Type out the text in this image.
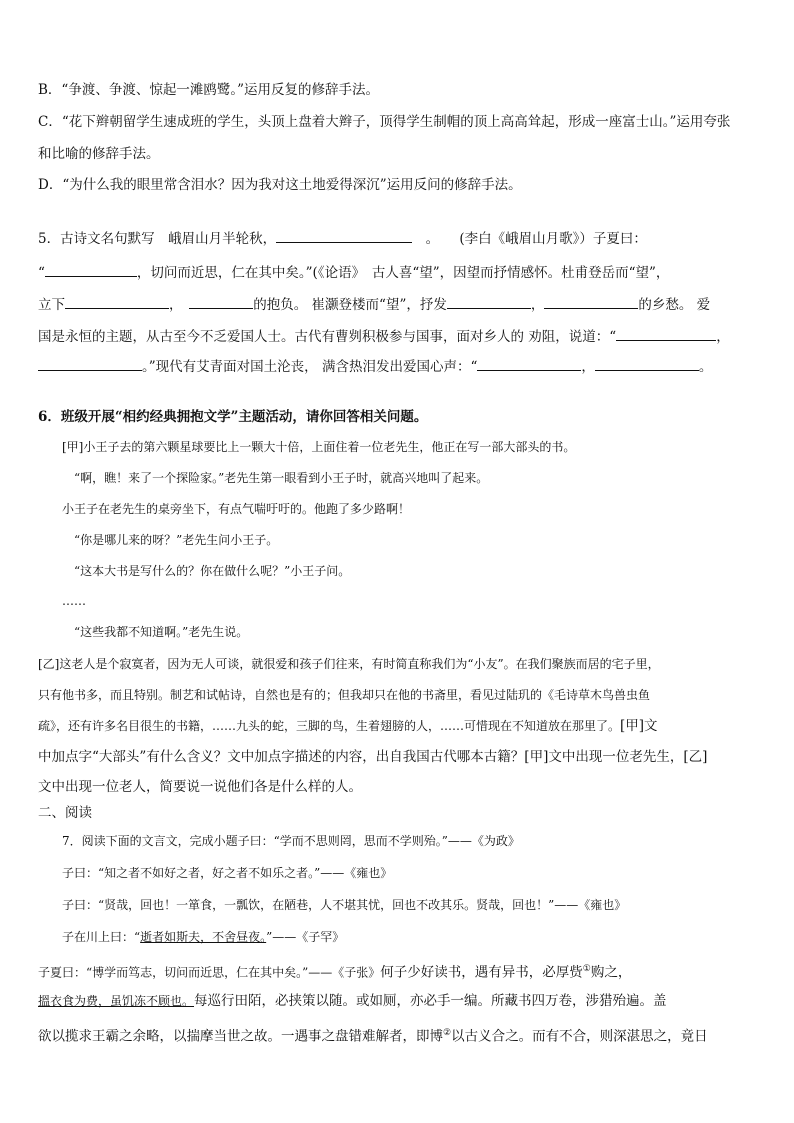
B．“争渡、争渡、惊起一滩鸥鹭。”运用反复的修辞手法。
C．“花下辫朝留学生速成班的学生，头顶上盘着大辫子，顶得学生制帽的顶上高高耸起，形成一座富士山。”运用夸张
和比喻的修辞手法。
D．“为什么我的眼里常含泪水？因为我对这土地爱得深沉”运用反问的修辞手法。
5．古诗文名句默写　峨眉山月半轮秋，　	。　　(李白《峨眉山月歌》）子夏曰：
“	，切问而近思，仁在其中矣。”(《论语》　古人喜“望”，因望而抒情感怀。杜甫登岳而“望”，
立下	，　	的抱负。 崔灏登楼而“望”，抒发	，	的乡愁。 爱
国是永恒的主题，从古至今不乏爱国人士。古代有曹刿积极参与国事，面对乡人的 劝阻，说道：“	，
。”现代有艾青面对国土沦丧， 满含热泪发出爱国心声：“	，	。
6．班级开展“相约经典拥抱文学”主题活动，请你回答相关问题。
[甲]小王子去的第六颗星球要比上一颗大十倍，上面住着一位老先生，他正在写一部大部头的书。
“啊，瞧！来了一个探险家。”老先生第一眼看到小王子时，就高兴地叫了起来。
小王子在老先生的桌旁坐下，有点气喘吁吁的。他跑了多少路啊！
“你是哪儿来的呀？”老先生问小王子。
“这本大书是写什么的？你在做什么呢？”小王子问。
……
“这些我都不知道啊。”老先生说。
[乙]这老人是个寂寞者，因为无人可谈，就很爱和孩子们往来，有时简直称我们为“小友”。在我们聚族而居的宅子里，
只有他书多，而且特别。制艺和试帖诗，自然也是有的；但我却只在他的书斋里，看见过陆玑的《毛诗草木鸟兽虫鱼
疏》，还有许多名目很生的书籍，……九头的蛇，三脚的鸟，生着翅膀的人，……可惜现在不知道放在那里了。[甲]文
中加点字“大部头”有什么含义？文中加点字描述的内容，出自我国古代哪本古籍？[甲]文中出现一位老先生，[乙]
文中出现一位老人，简要说一说他们各是什么样的人。
二、阅读
7．阅读下面的文言文，完成小题子曰：“学而不思则罔，思而不学则殆。”——《为政》
子曰：“知之者不如好之者，好之者不如乐之者。”——《雍也》
子曰：“贤哉，回也！一箪食，一瓢饮，在陋巷，人不堪其忧，回也不改其乐。贤哉，回也！”——《雍也》
子在川上曰：“逝者如斯夫，不舍昼夜。”——《子罕》
子夏曰：“博学而笃志，切问而近思，仁在其中矣。”——《子张》何子少好读书，遇有异书，必厚赀①购之，
搵衣食为费，虽饥冻不顾也。每巡行田陌，必挟策以随。或如厕，亦必手一编。所藏书四万卷，涉猎殆遍。盖
欲以揽求王霸之余略，以揣摩当世之故。一遇事之盘错难解者，即博②以古义合之。而有不合，则深湛思之，竟日
